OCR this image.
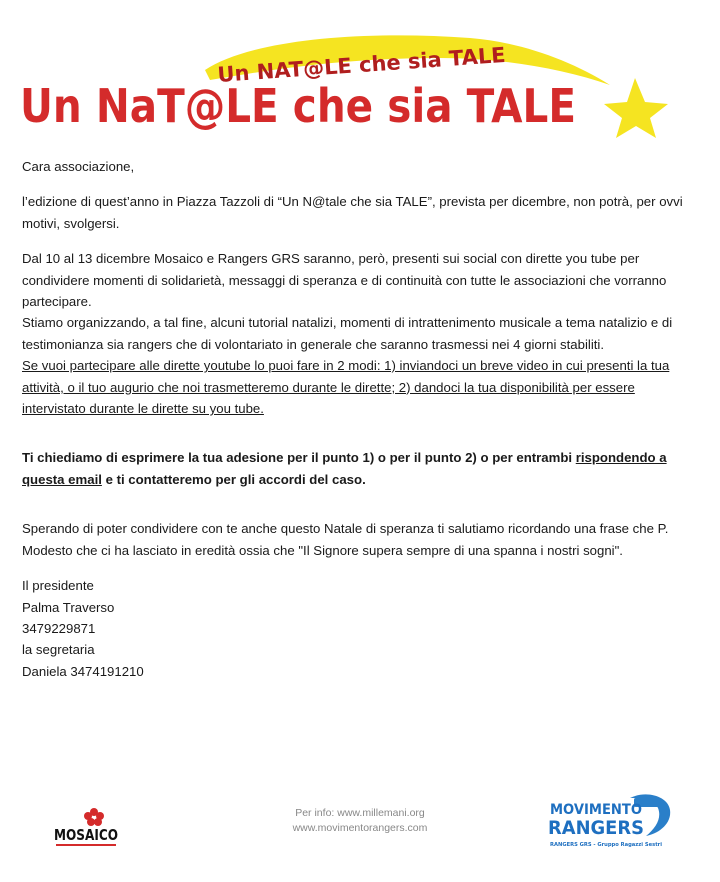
Un NAT@LE che sia TALE
Un NaT@LE che sia TALE

Cara associazione,

l’edizione di quest’anno in Piazza Tazzoli di “Un N@tale che sia TALE”, prevista per dicembre, non potrà, per ovvi motivi, svolgersi.

Dal 10 al 13 dicembre Mosaico e Rangers GRS saranno, però, presenti sui social con dirette you tube per condividere momenti di solidarietà, messaggi di speranza e di continuità con tutte le associazioni che vorranno partecipare.

Stiamo organizzando, a tal fine, alcuni tutorial natalizi, momenti di intrattenimento musicale a tema natalizio e di testimonianza sia rangers che di volontariato in generale che saranno trasmessi nei 4 giorni stabiliti.

Se vuoi partecipare alle dirette youtube lo puoi fare in 2 modi: 1) inviandoci un breve video in cui presenti la tua attività, o il tuo augurio che noi trasmetteremo durante le dirette; 2) dandoci la tua disponibilità per essere intervistato durante le dirette su you tube.

Ti chiediamo di esprimere la tua adesione per il punto 1) o per il punto 2) o per entrambi rispondendo a questa email e ti contatteremo per gli accordi del caso.

Sperando di poter condividere con te anche questo Natale di speranza ti salutiamo ricordando una frase che P. Modesto che ci ha lasciato in eredità ossia che "Il Signore supera sempre di una spanna i nostri sogni".

Il presidente

Palma Traverso

3479229871

la segretaria

Daniela 3474191210

MOSAICO
Per info: www.millemani.org
www.movimentorangers.com
MOVIMENTO
RANGERS
RANGERS GRS - Gruppo Ragazzi Sestri
